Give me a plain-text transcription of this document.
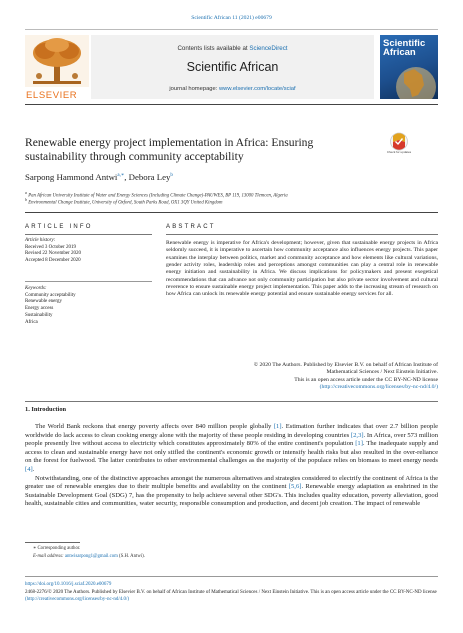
Scientific African 11 (2021) e00679
ELSEVIER
Contents lists available at ScienceDirect
Scientific African
journal homepage: www.elsevier.com/locate/sciaf
Scientific African
Renewable energy project implementation in Africa: Ensuring sustainability through community acceptability	Check for updates
Sarpong Hammond Antwi$^{a,∗}$, Debora Ley$^b$
$^a$ Pan African University Institute of Water and Energy Sciences (Including Climate Change)-PAUWES, BP 119, 13000 Tlemcen, Algeria
$^b$ Environmental Change Institute, University of Oxford, South Parks Road, OX1 3QY United Kingdom
ARTICLE INFO	ABSTRACT
Article history:
Received 3 October 2019
Revised 22 November 2020
Accepted 8 December 2020
Keywords:
Community acceptability
Renewable energy
Energy access
Sustainability
Africa
Renewable energy is imperative for Africa's development; however, given that sustainable energy projects in Africa seldomly succeed, it is imperative to ascertain how community acceptance also influences energy projects. This paper examines the interplay between politics, market and community acceptance and how elements like cultural variations, gender activity roles, leadership roles and perceptions amongst communities can play a central role in renewable energy initiation and sustainability in Africa. We discuss implications for policymakers and present exegetical recommendations that can advance not only community participation but also private sector involvement and cultural reverence to ensure sustainable energy project implementation. This paper adds to the increasing stream of research on how Africa can unlock its renewable energy potential and ensure sustainable energy services for all.
© 2020 The Authors. Published by Elsevier B.V. on behalf of African Institute of
Mathematical Sciences / Next Einstein Initiative.
This is an open access article under the CC BY-NC-ND license
(http://creativecommons.org/licenses/by-nc-nd/4.0/)
1. Introduction

The World Bank reckons that energy poverty affects over 840 million people globally [1]. Estimation further indicates that over 2.7 billion people worldwide do lack access to clean cooking energy alone with the majority of these people residing in developing countries [2,3]. In Africa, over 573 million people presently live without access to electricity which constitutes approximately 80% of the entire continent's population [1]. The inadequate supply and access to clean and sustainable energy have not only stifled the continent's economic growth or intensify health risks but also resulted in the over-reliance on the forest for fuelwood. The latter contributes to other environmental challenges as the majority of the populace relies on biomass to meet energy needs [4].

Notwithstanding, one of the distinctive approaches amongst the numerous alternatives and strategies considered to electrify the continent of Africa is the greater use of renewable energies due to their multiple benefits and availability on the continent [5,6]. Renewable energy adaptation as enshrined in the Sustainable Development Goal (SDG) 7, has the propensity to help achieve several other SDG's. This includes quality education, poverty alleviation, good health, sustainable cities and communities, water security, responsible consumption and production, and decent job creation. The impact of renewable

∗ Corresponding author.
E-mail address: antwisarpong1@gmail.com (S.H. Antwi).
https://doi.org/10.1016/j.sciaf.2020.e00679
2468-2276/© 2020 The Authors. Published by Elsevier B.V. on behalf of African Institute of Mathematical Sciences / Next Einstein Initiative. This is an open access article under the CC BY-NC-ND license (http://creativecommons.org/licenses/by-nc-nd/4.0/)
